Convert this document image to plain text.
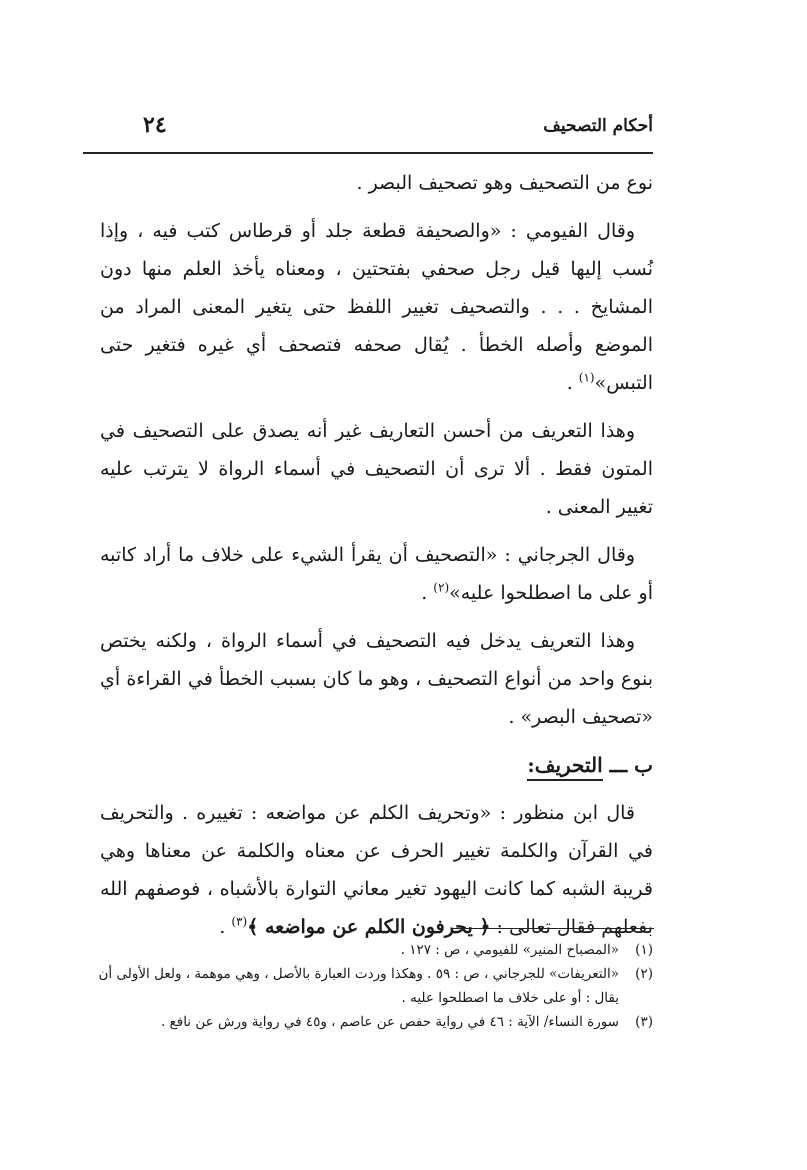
أحكام التصحيف
٢٤

نوع من التصحيف وهو تصحيف البصر .

وقال الفيومي : «والصحيفة قطعة جلد أو قرطاس كتب فيه ، وإذا نُسب إليها قيل رجل صحفي بفتحتين ، ومعناه يأخذ العلم منها دون المشايخ . . . والتصحيف تغيير اللفظ حتى يتغير المعنى المراد من الموضع وأصله الخطأ . يُقال صحفه فتصحف أي غيره فتغير حتى التبس»$^{(١)}$ .

وهذا التعريف من أحسن التعاريف غير أنه يصدق على التصحيف في المتون فقط . ألا ترى أن التصحيف في أسماء الرواة لا يترتب عليه تغيير المعنى .

وقال الجرجاني : «التصحيف أن يقرأ الشيء على خلاف ما أراد كاتبه أو على ما اصطلحوا عليه»$^{(٢)}$ .

وهذا التعريف يدخل فيه التصحيف في أسماء الرواة ، ولكنه يختص بنوع واحد من أنواع التصحيف ، وهو ما كان بسبب الخطأ في القراءة أي «تصحيف البصر» .

ب ـــ التحريف:

قال ابن منظور : «وتحريف الكلم عن مواضعه : تغييره . والتحريف في القرآن والكلمة تغيير الحرف عن معناه والكلمة عن معناها وهي قريبة الشبه كما كانت اليهود تغير معاني التوارة بالأشباه ، فوصفهم الله بفعلهم فقال تعالى : ﴿ يحرفون الكلم عن مواضعه ﴾$^{(٣)}$ .

(١)
«المصباح المنير» للفيومي ، ص : ١٢٧ .
(٢)
«التعريفات» للجرجاني ، ص : ٥٩ . وهكذا وردت العبارة بالأصل ، وهي موهمة ، ولعل الأولى أن يقال : أو على خلاف ما اصطلحوا عليه .
(٣)
سورة النساء/ الآية : ٤٦ في رواية حفص عن عاصم ، و٤٥ في رواية ورش عن نافع .
